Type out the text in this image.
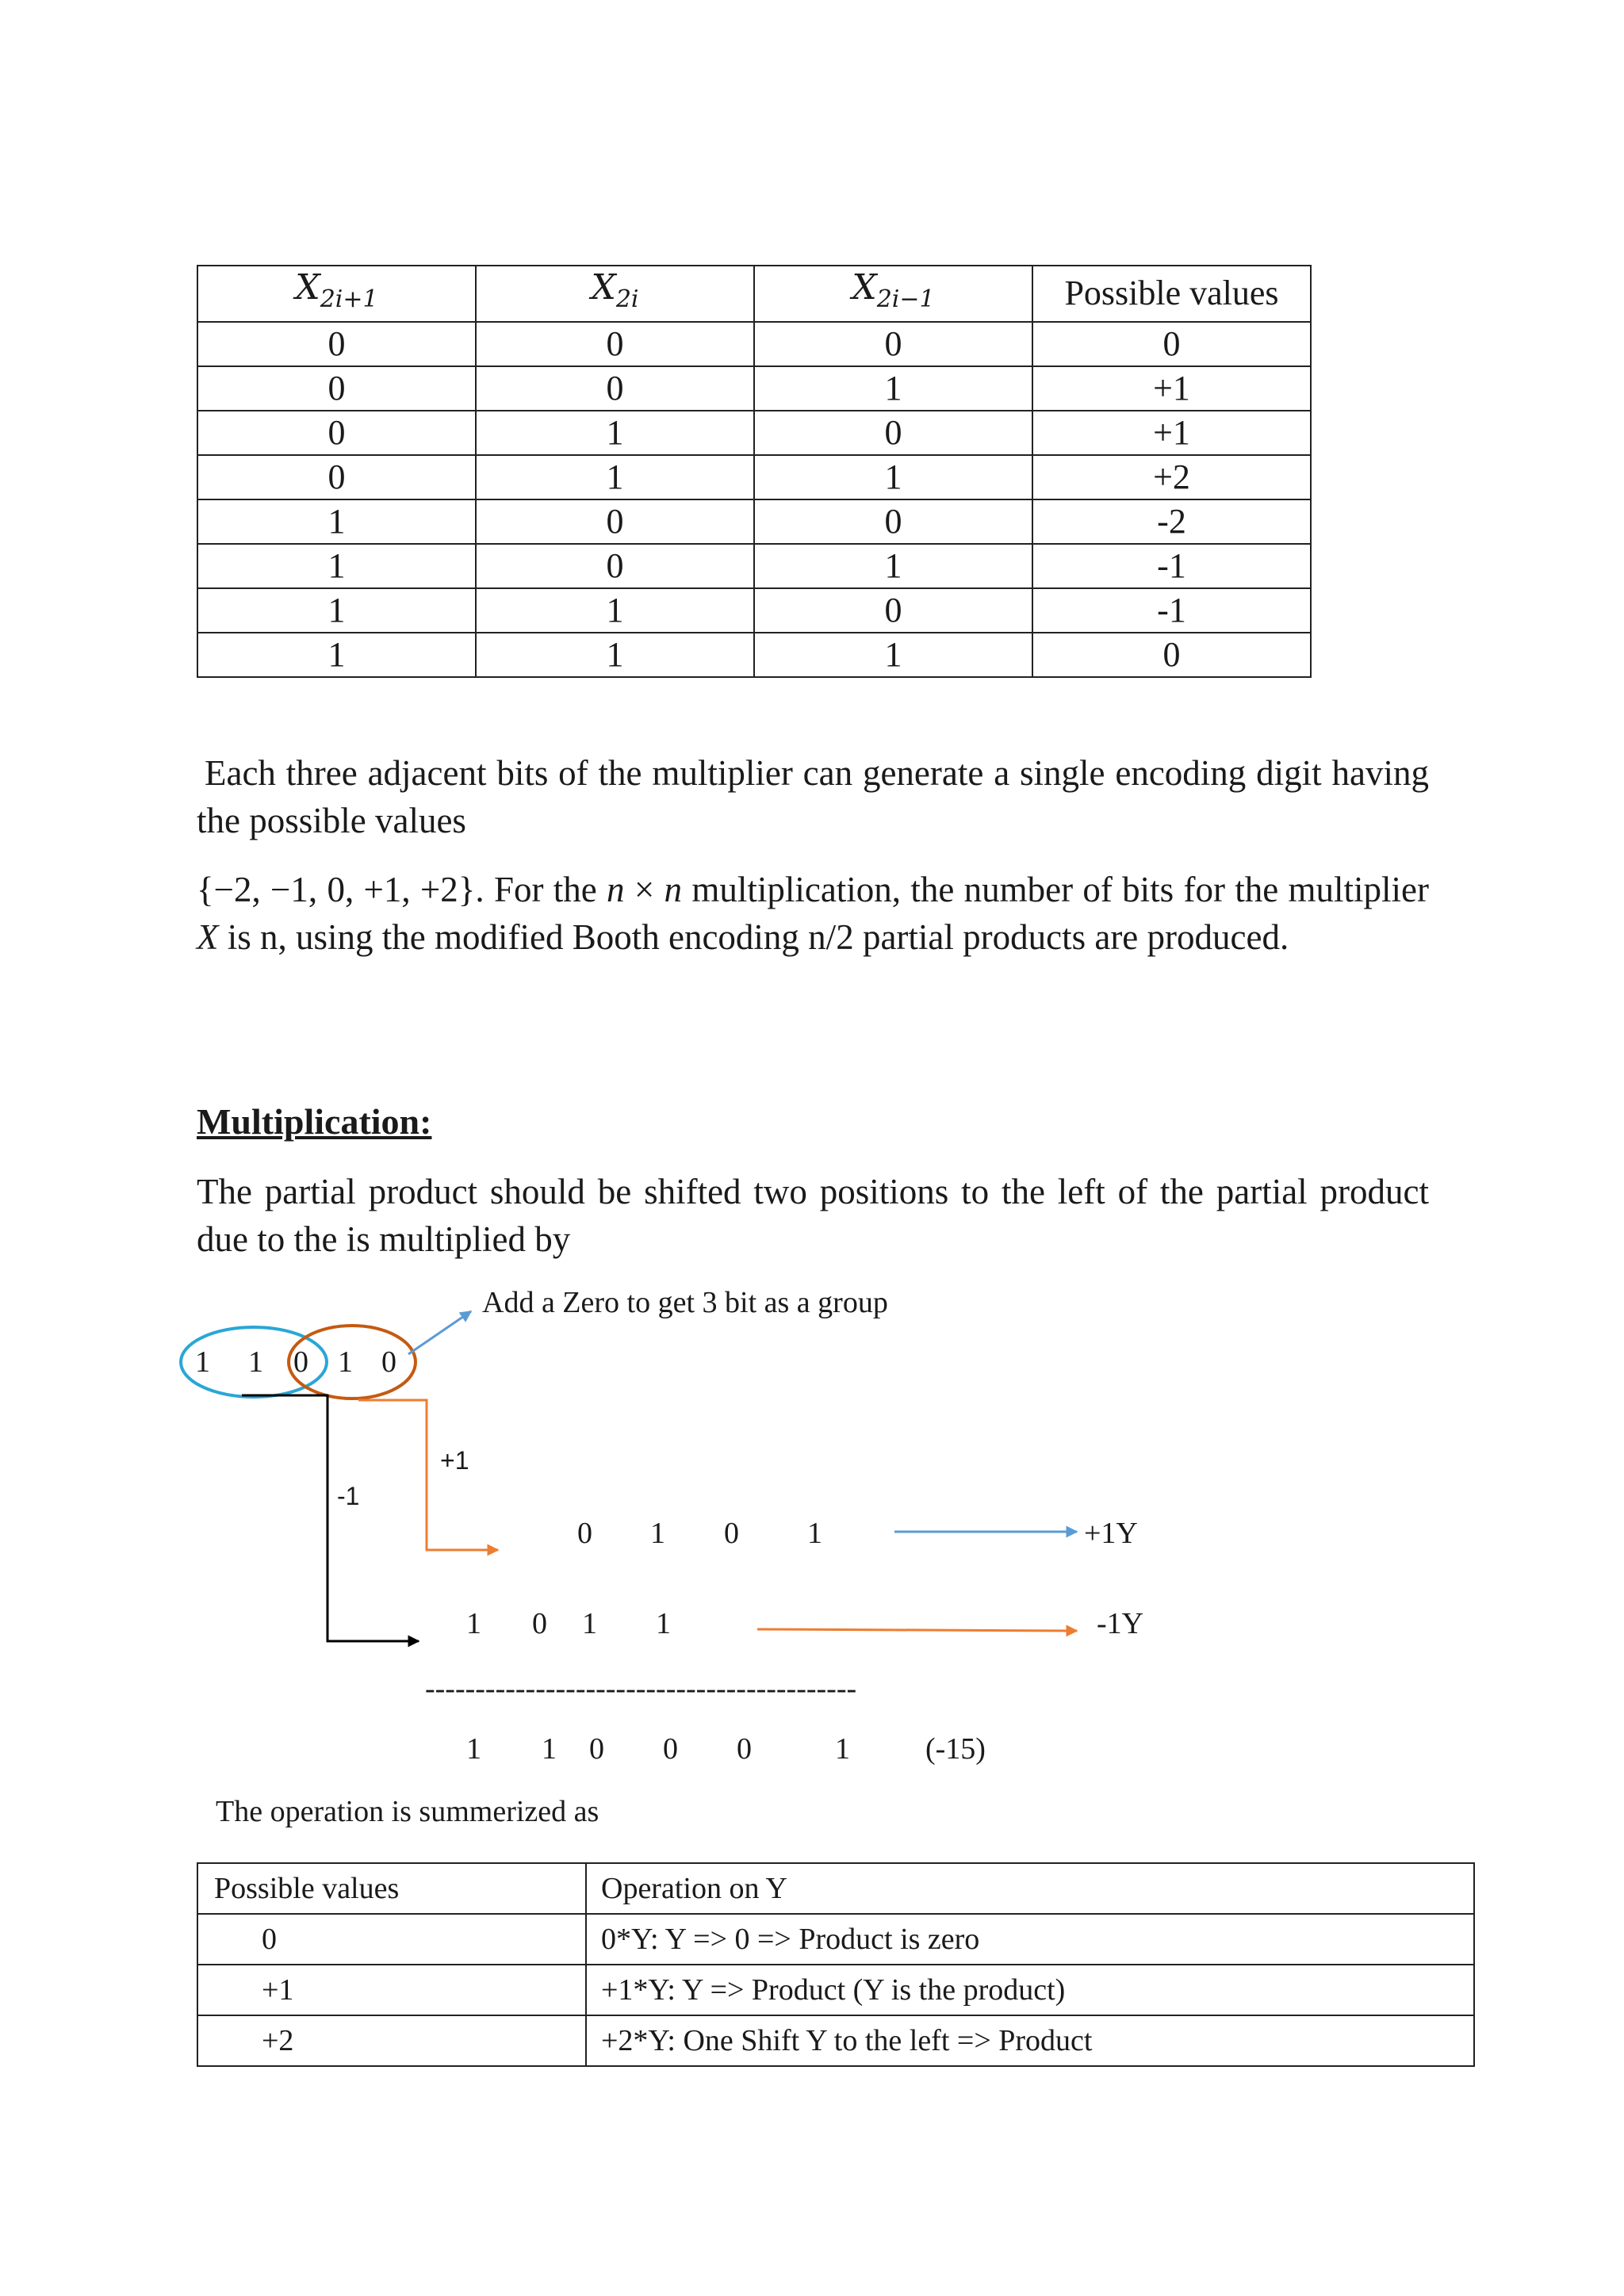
$X_{2i+1}$	$X_{2i}$	$X_{2i-1}$	Possible values
0	0	0	0
0	0	1	+1
0	1	0	+1
0	1	1	+2
1	0	0	-2
1	0	1	-1
1	1	0	-1
1	1	1	0

Each three adjacent bits of the multiplier can generate a single encoding digit having the possible values

{−2, −1, 0, +1, +2}. For the n × n multiplication, the number of bits for the multiplier X is n, using the modified Booth encoding n/2 partial products are produced.

Multiplication:

The partial product should be shifted two positions to the left of the partial product due to the is multiplied by

Add a Zero to get 3 bit as a group
1 1 0 1 0
+1
-1
0 1 0 1	+1Y
1 0 1 1	-1Y
-------------------------------------------
1 1 0 0 0	1	(-15)
The operation is summerized as
Possible values	Operation on Y
0	0*Y: Y => 0 => Product is zero
+1	+1*Y: Y => Product (Y is the product)
+2	+2*Y: One Shift Y to the left => Product
